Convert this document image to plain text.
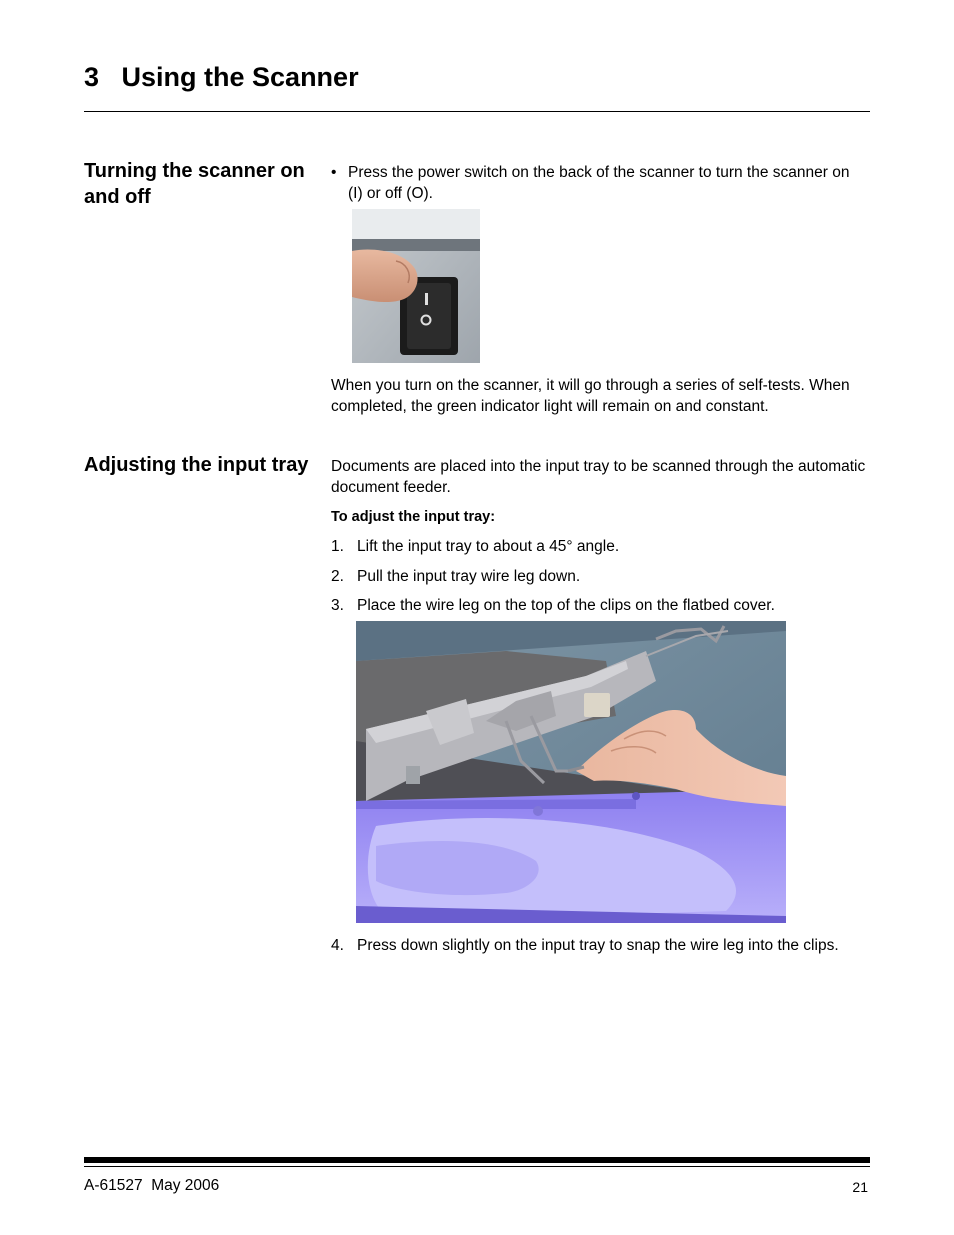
3   Using the Scanner
Turning the scanner on and off
• Press the power switch on the back of the scanner to turn the scanner on (I) or off (O).

When you turn on the scanner, it will go through a series of self-tests. When completed, the green indicator light will remain on and constant.

Adjusting the input tray Documents are placed into the input tray to be scanned through the automatic document feeder.

To adjust the input tray:

1. Lift the input tray to about a 45° angle.
2. Pull the input tray wire leg down.
3. Place the wire leg on the top of the clips on the flatbed cover.
4. Press down slightly on the input tray to snap the wire leg into the clips.
A-61527  May 2006	21
